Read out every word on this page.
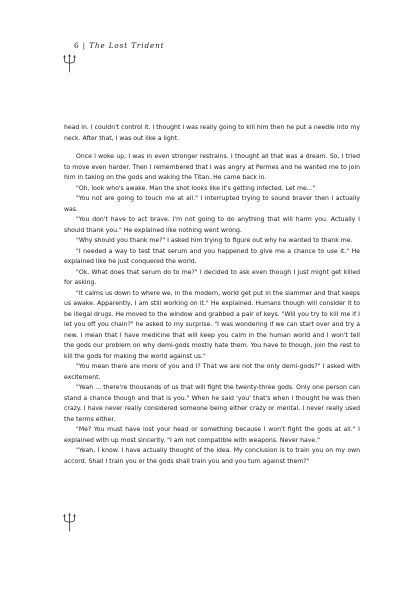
6 | The Lost Trident

head in. I couldn't control it. I thought I was really going to kill him then he put a needle into my neck. After that, I was out like a light.

Once I woke up, I was in even stronger restrains. I thought all that was a dream. So, I tried to move even harder. Then I remembered that I was angry at Permes and he wanted me to join him in taking on the gods and waking the Titan. He came back in.

"Oh, look who's awake. Man the shot looks like it's getting infected. Let me..."

"You not are going to touch me at all." I interrupted trying to sound braver then I actually was.

"You don't have to act brave. I'm not going to do anything that will harm you. Actually I should thank you." He explained like nothing went wrong.

"Why should you thank me?" I asked him trying to figure out why he wanted to thank me.

"I needed a way to test that serum and you happened to give me a chance to use it." He explained like he just conquered the world.

"Ok. What does that serum do to me?" I decided to ask even though I just might get killed for asking.

"It calms us down to where we, in the modern, world get put in the slammer and that keeps us awake. Apparently, I am still working on it." He explained. Humans though will consider it to be illegal drugs. He moved to the window and grabbed a pair of keys. "Will you try to kill me if I let you off you chain?" he asked to my surprise. "I was wondering if we can start over and try a new. I mean that I have medicine that will keep you calm in the human world and I won't tell the gods our problem on why demi-gods mostly hate them. You have to though, join the rest to kill the gods for making the world against us."

"You mean there are more of you and I? That we are not the only demi-gods?" I asked with excitement.

"Yeah ... there're thousands of us that will fight the twenty-three gods. Only one person can stand a chance though and that is you." When he said 'you' that's when I thought he was then crazy. I have never really considered someone being either crazy or mental. I never really used the terms either.

"Me? You must have lost your head or something because I won't fight the gods at all." I explained with up most sincerity. "I am not compatible with weapons. Never have."

"Yeah, I know. I have actually thought of the idea. My conclusion is to train you on my own accord. Shall I train you or the gods shall train you and you turn against them?"
